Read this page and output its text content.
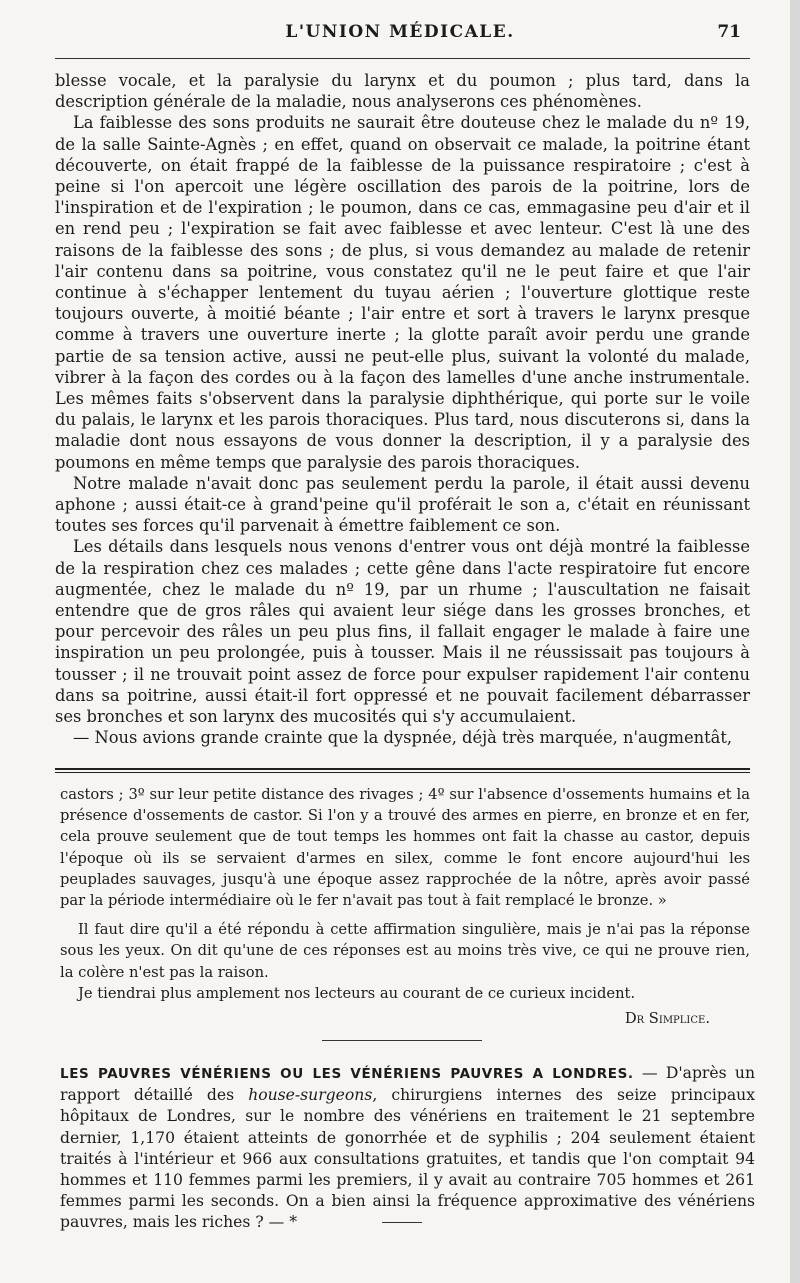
L'UNION MÉDICALE.	71

blesse vocale, et la paralysie du larynx et du poumon ; plus tard, dans la description générale de la maladie, nous analyserons ces phénomènes.

La faiblesse des sons produits ne saurait être douteuse chez le malade du nº 19, de la salle Sainte-Agnès ; en effet, quand on observait ce malade, la poitrine étant découverte, on était frappé de la faiblesse de la puissance respiratoire ; c'est à peine si l'on apercoit une légère oscillation des parois de la poitrine, lors de l'inspiration et de l'expiration ; le poumon, dans ce cas, emmagasine peu d'air et il en rend peu ; l'expiration se fait avec faiblesse et avec lenteur. C'est là une des raisons de la faiblesse des sons ; de plus, si vous demandez au malade de retenir l'air contenu dans sa poitrine, vous constatez qu'il ne le peut faire et que l'air continue à s'échapper lentement du tuyau aérien ; l'ouverture glottique reste toujours ouverte, à moitié béante ; l'air entre et sort à travers le larynx presque comme à travers une ouverture inerte ; la glotte paraît avoir perdu une grande partie de sa tension active, aussi ne peut-elle plus, suivant la volonté du malade, vibrer à la façon des cordes ou à la façon des lamelles d'une anche instrumentale. Les mêmes faits s'observent dans la paralysie diphthérique, qui porte sur le voile du palais, le larynx et les parois thoraciques. Plus tard, nous discuterons si, dans la maladie dont nous essayons de vous donner la description, il y a paralysie des poumons en même temps que paralysie des parois thoraciques.

Notre malade n'avait donc pas seulement perdu la parole, il était aussi devenu aphone ; aussi était-ce à grand'peine qu'il proférait le son a, c'était en réunissant toutes ses forces qu'il parvenait à émettre faiblement ce son.

Les détails dans lesquels nous venons d'entrer vous ont déjà montré la faiblesse de la respiration chez ces malades ; cette gêne dans l'acte respiratoire fut encore augmentée, chez le malade du nº 19, par un rhume ; l'auscultation ne faisait entendre que de gros râles qui avaient leur siége dans les grosses bronches, et pour percevoir des râles un peu plus fins, il fallait engager le malade à faire une inspiration un peu prolongée, puis à tousser. Mais il ne réussissait pas toujours à tousser ; il ne trouvait point assez de force pour expulser rapidement l'air contenu dans sa poitrine, aussi était-il fort oppressé et ne pouvait facilement débarrasser ses bronches et son larynx des mucosités qui s'y accumulaient.

— Nous avions grande crainte que la dyspnée, déjà très marquée, n'augmentât,

castors ; 3º sur leur petite distance des rivages ; 4º sur l'absence d'ossements humains et la présence d'ossements de castor. Si l'on y a trouvé des armes en pierre, en bronze et en fer, cela prouve seulement que de tout temps les hommes ont fait la chasse au castor, depuis l'époque où ils se servaient d'armes en silex, comme le font encore aujourd'hui les peuplades sauvages, jusqu'à une époque assez rapprochée de la nôtre, après avoir passé par la période intermédiaire où le fer n'avait pas tout à fait remplacé le bronze. »

Il faut dire qu'il a été répondu à cette affirmation singulière, mais je n'ai pas la réponse sous les yeux. On dit qu'une de ces réponses est au moins très vive, ce qui ne prouve rien, la colère n'est pas la raison.

Je tiendrai plus amplement nos lecteurs au courant de ce curieux incident.

Dr Simplice.

LES PAUVRES VÉNÉRIENS OU LES VÉNÉRIENS PAUVRES A LONDRES. — D'après un rapport détaillé des house-surgeons, chirurgiens internes des seize principaux hôpitaux de Londres, sur le nombre des vénériens en traitement le 21 septembre dernier, 1,170 étaient atteints de gonorrhée et de syphilis ; 204 seulement étaient traités à l'intérieur et 966 aux consultations gratuites, et tandis que l'on comptait 94 hommes et 110 femmes parmi les premiers, il y avait au contraire 705 hommes et 261 femmes parmi les seconds. On a bien ainsi la fréquence approximative des vénériens pauvres, mais les riches ? — *
